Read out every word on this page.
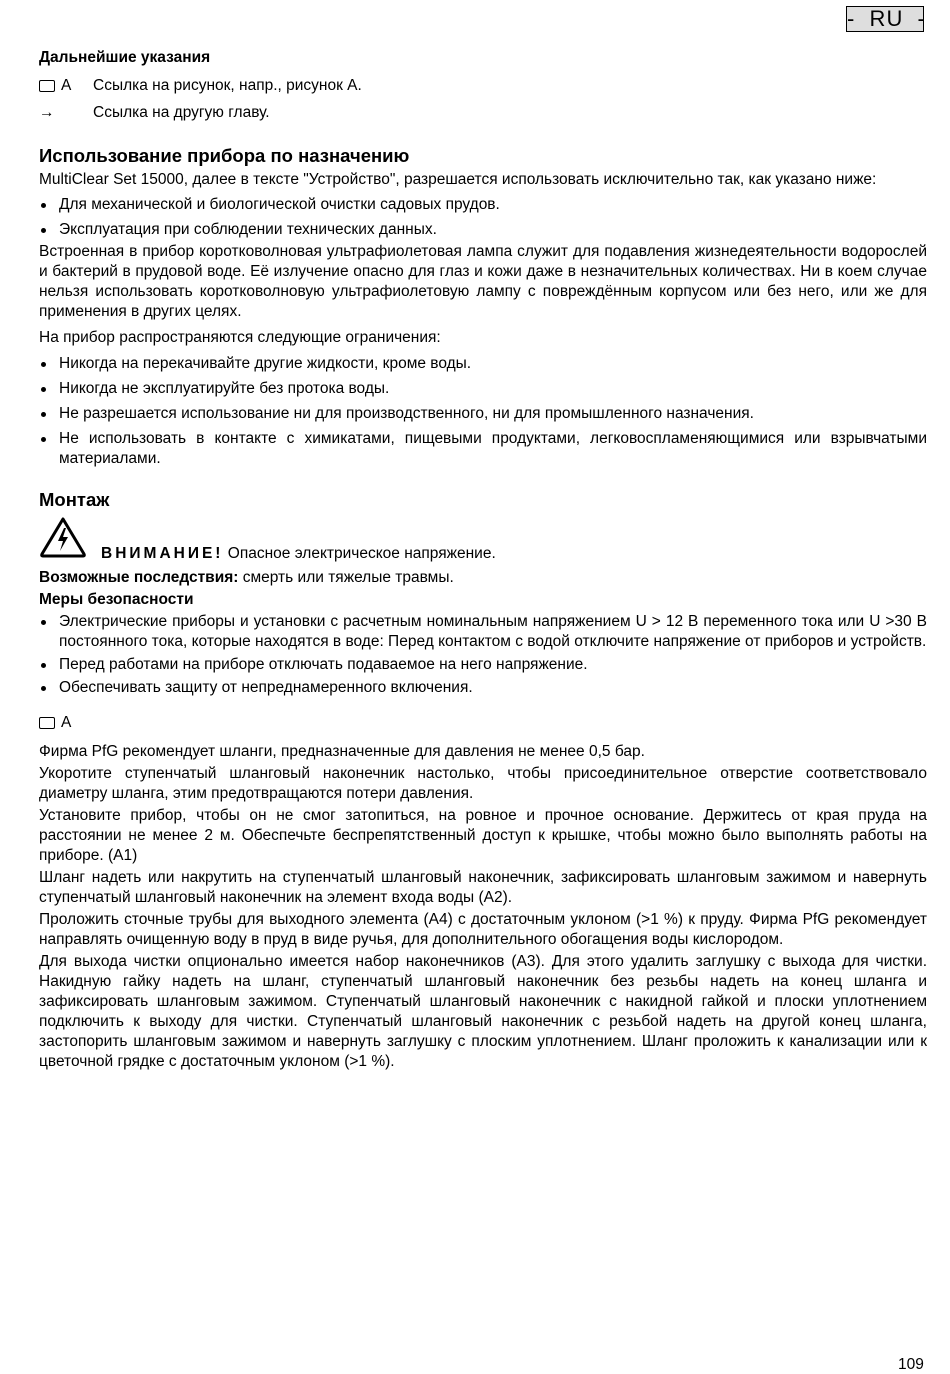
-  RU  -

Дальнейшие указания

A Ссылка на рисунок, напр., рисунок A.
→	Ссылка на другую главу.

Использование прибора по назначению

MultiClear Set 15000, далее в тексте "Устройство", разрешается использовать исключительно так, как указано ниже:

Для механической и биологической очистки садовых прудов.
Эксплуатация при соблюдении технических данных.

Встроенная в прибор коротковолновая ультрафиолетовая лампа служит для подавления жизнедеятельности водорослей и бактерий в прудовой воде. Её излучение опасно для глаз и кожи даже в незначительных количествах. Ни в коем случае нельзя использовать коротковолновую ультрафиолетовую лампу с повреждённым корпусом или без него, или же для применения в других целях.

На прибор распространяются следующие ограничения:

Никогда на перекачивайте другие жидкости, кроме воды.
Никогда не эксплуатируйте без протока воды.
Не разрешается использование ни для производственного, ни для промышленного назначения.
Не использовать в контакте с химикатами, пищевыми продуктами, легковоспламеняющимися или взрывчатыми материалами.

Монтаж

ВНИМАНИЕ! Опасное электрическое напряжение.

Возможные последствия: смерть или тяжелые травмы.

Меры безопасности

Электрические приборы и установки с расчетным номинальным напряжением U > 12 В переменного тока или U >30 В постоянного тока, которые находятся в воде: Перед контактом с водой отключите напряжение от приборов и устройств.
Перед работами на приборе отключать подаваемое на него напряжение.
Обеспечивать защиту от непреднамеренного включения.
A

Фирма PfG рекомендует шланги, предназначенные для давления не менее 0,5 бар.

Укоротите ступенчатый шланговый наконечник настолько, чтобы присоединительное отверстие соответствовало диаметру шланга, этим предотвращаются потери давления.

Установите прибор, чтобы он не смог затопиться, на ровное и прочное основание. Держитесь от края пруда на расстоянии не менее 2 м. Обеспечьте беспрепятственный доступ к крышке, чтобы можно было выполнять работы на приборе. (A1)

Шланг надеть или накрутить на ступенчатый шланговый наконечник, зафиксировать шланговым зажимом и навернуть ступенчатый шланговый наконечник на элемент входа воды (A2).

Проложить сточные трубы для выходного элемента (A4) с достаточным уклоном (>1 %) к пруду. Фирма PfG рекомендует направлять очищенную воду в пруд в виде ручья, для дополнительного обогащения воды кислородом.

Для выхода чистки опционально имеется набор наконечников (A3). Для этого удалить заглушку с выхода для чистки. Накидную гайку надеть на шланг, ступенчатый шланговый наконечник без резьбы надеть на конец шланга и зафиксировать шланговым зажимом. Ступенчатый шланговый наконечник с накидной гайкой и плоски уплотнением подключить к выходу для чистки. Ступенчатый шланговый наконечник с резьбой надеть на другой конец шланга, застопорить шланговым зажимом и навернуть заглушку с плоским уплотнением. Шланг проложить к канализации или к цветочной грядке с достаточным уклоном (>1 %).

109
